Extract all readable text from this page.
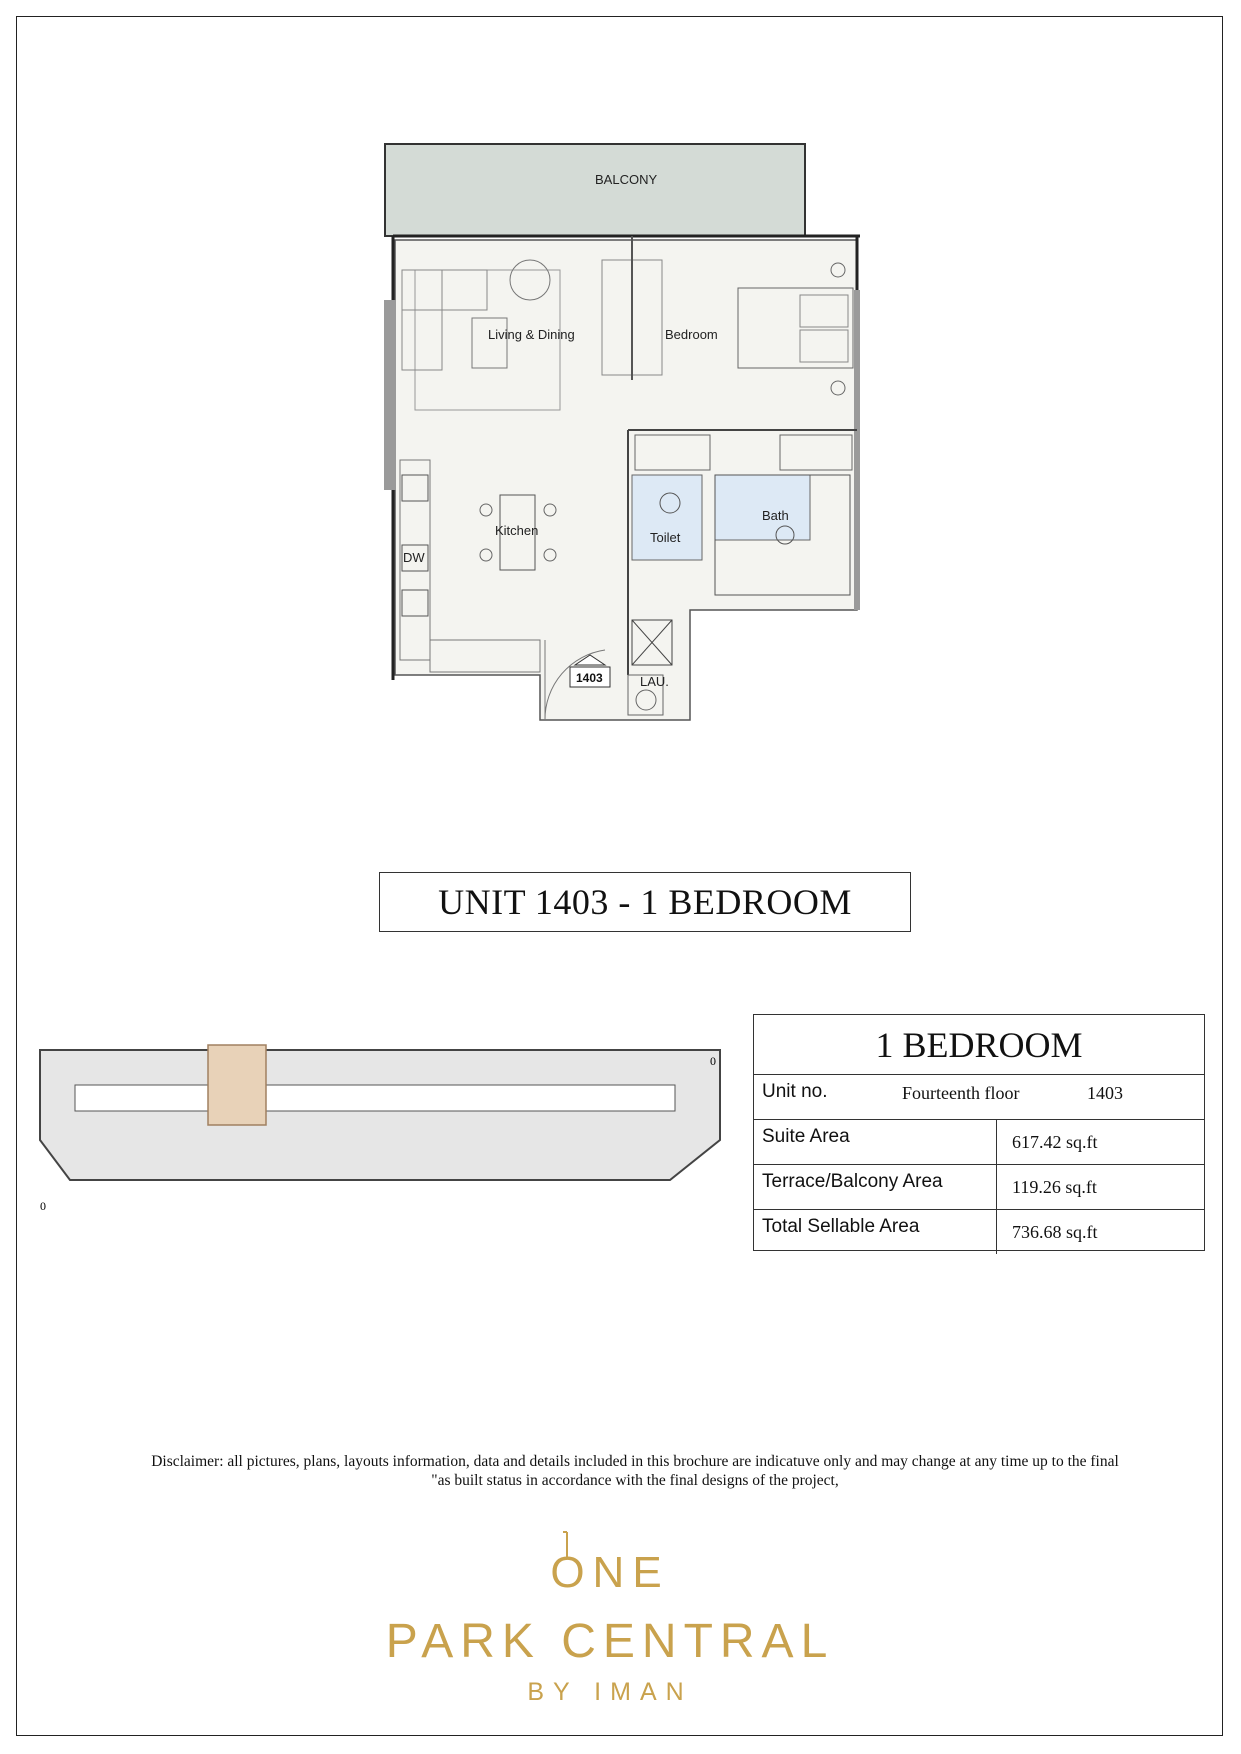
BALCONY
Bath
Toilet
DW
LAU.
Living & Dining	Bedroom
Kitchen
1403
UNIT 1403 - 1 BEDROOM
0
0	1 BEDROOM
Unit no.	Fourteenth floor	1403
Suite Area	617.42 sq.ft
Terrace/Balcony Area	119.26 sq.ft
Total Sellable Area	736.68 sq.ft
Disclaimer: all pictures, plans, layouts information, data and details included in this brochure are indicatuve only and may change at any time up to the final
"as built status in accordance with the final designs of the project,
ONE
PARK CENTRAL
BY IMAN
